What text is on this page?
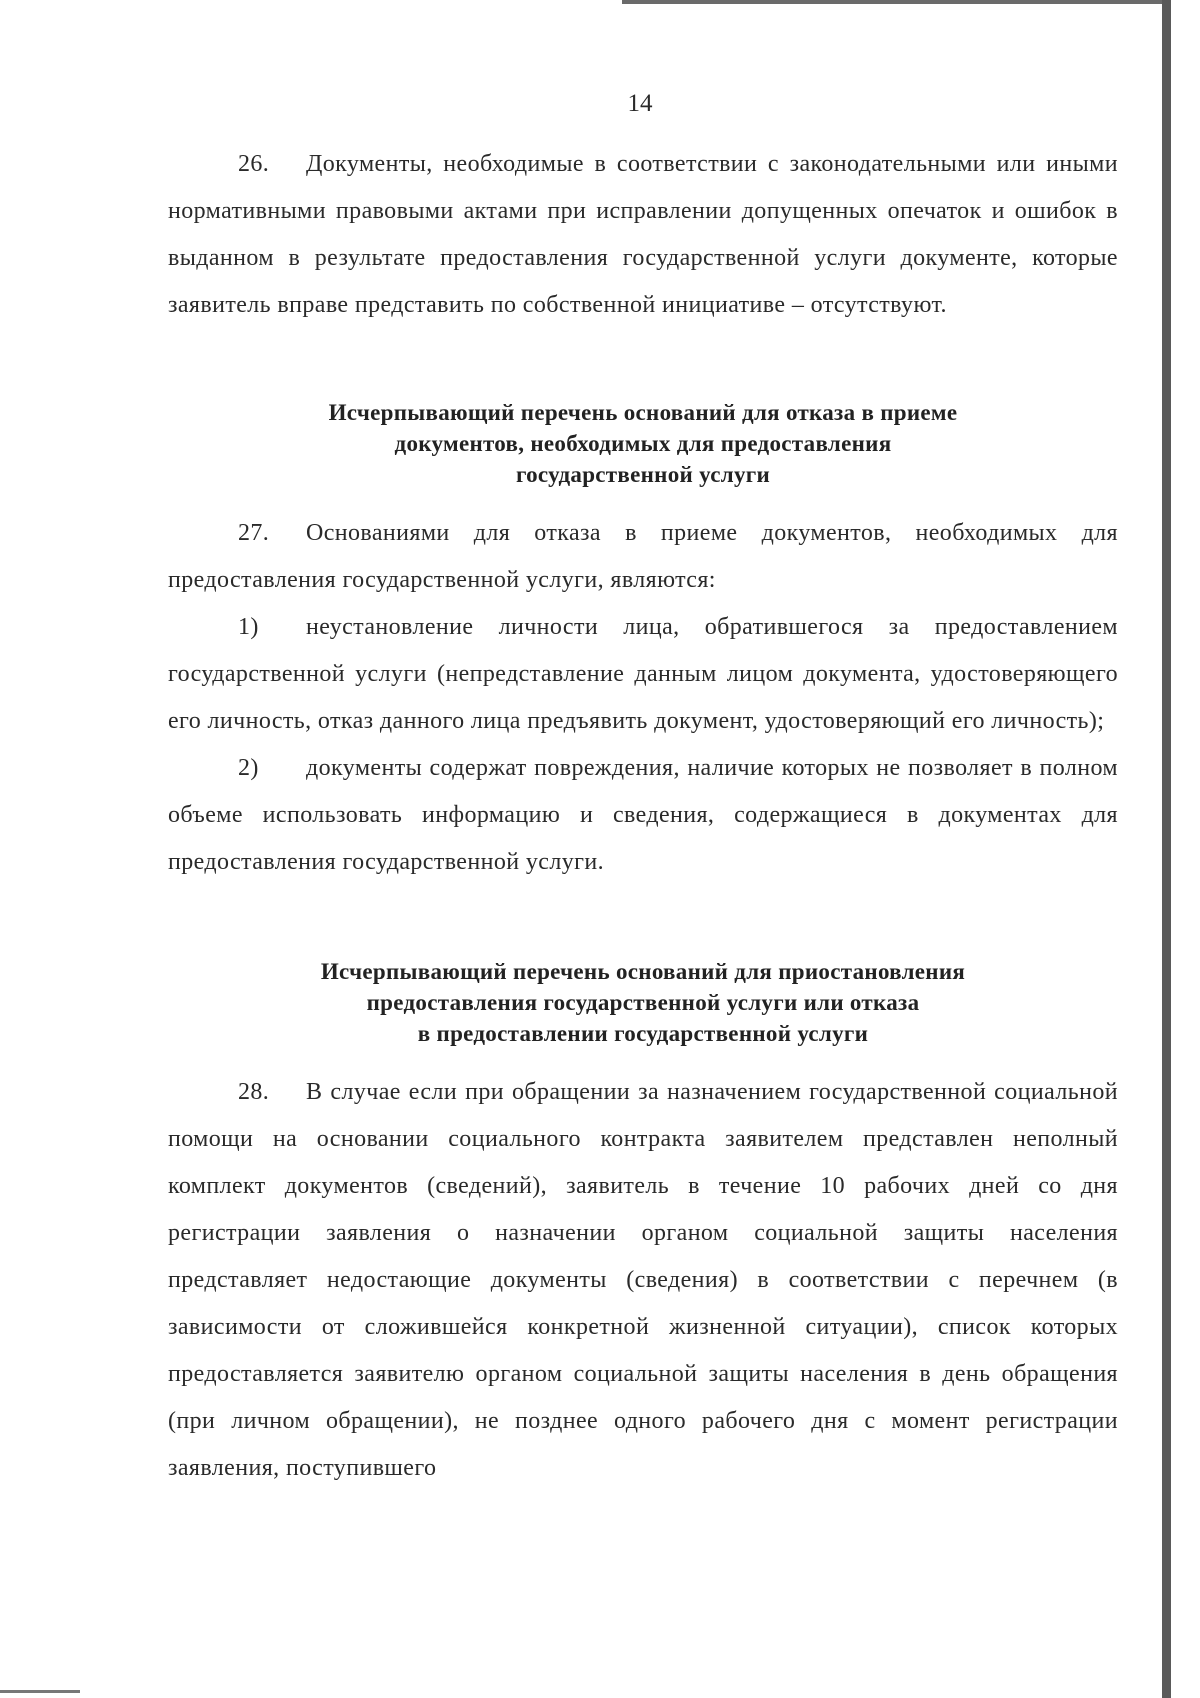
14

26. Документы, необходимые в соответствии с законодательными или иными нормативными правовыми актами при исправлении допущенных опечаток и ошибок в выданном в результате предоставления государственной услуги документе, которые заявитель вправе представить по собственной инициативе – отсутствуют.

Исчерпывающий перечень оснований для отказа в приеме
документов, необходимых для предоставления
государственной услуги

27. Основаниями для отказа в приеме документов, необходимых для предоставления государственной услуги, являются:

1) неустановление личности лица, обратившегося за предоставлением государственной услуги (непредставление данным лицом документа, удостоверяющего его личность, отказ данного лица предъявить документ, удостоверяющий его личность);

2) документы содержат повреждения, наличие которых не позволяет в полном объеме использовать информацию и сведения, содержащиеся в документах для предоставления государственной услуги.

Исчерпывающий перечень оснований для приостановления
предоставления государственной услуги или отказа
в предоставлении государственной услуги

28. В случае если при обращении за назначением государственной социальной помощи на основании социального контракта заявителем представлен неполный комплект документов (сведений), заявитель в течение 10 рабочих дней со дня регистрации заявления о назначении органом социальной защиты населения представляет недостающие документы (сведения) в соответствии с перечнем (в зависимости от сложившейся конкретной жизненной ситуации), список которых предоставляется заявителю органом социальной защиты населения в день обращения (при личном обращении), не позднее одного рабочего дня с момент регистрации заявления, поступившего
